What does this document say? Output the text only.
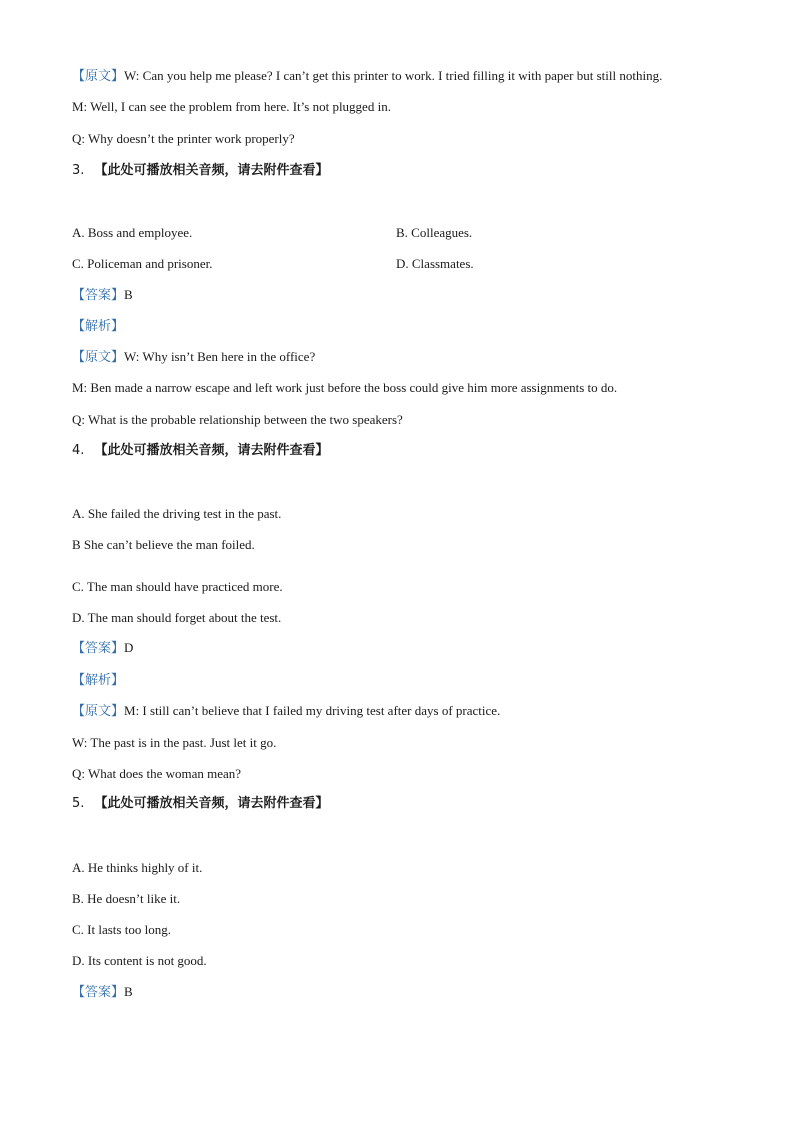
【原文】W: Can you help me please? I can’t get this printer to work. I tried filling it with paper but still nothing.
M: Well, I can see the problem from here. It’s not plugged in.
Q: Why doesn’t the printer work properly?
3. 【此处可播放相关音频，请去附件查看】
A. Boss and employee.	B. Colleagues.
C. Policeman and prisoner.	D. Classmates.
【答案】B
【解析】
【原文】W: Why isn’t Ben here in the office?
M: Ben made a narrow escape and left work just before the boss could give him more assignments to do.
Q: What is the probable relationship between the two speakers?
4. 【此处可播放相关音频，请去附件查看】
A. She failed the driving test in the past.
B She can’t believe the man foiled.
C. The man should have practiced more.
D. The man should forget about the test.
【答案】D
【解析】
【原文】M: I still can’t believe that I failed my driving test after days of practice.
W: The past is in the past. Just let it go.
Q: What does the woman mean?
5. 【此处可播放相关音频，请去附件查看】
A. He thinks highly of it.
B. He doesn’t like it.
C. It lasts too long.
D. Its content is not good.
【答案】B
